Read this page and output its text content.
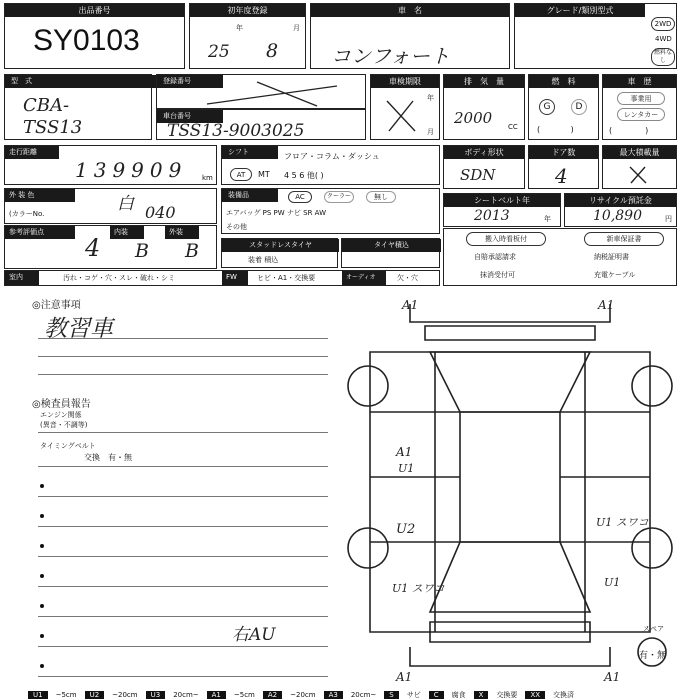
出品番号
SY0103
初年度登録
年	月
25 8
車　名
コンフォート
グレード/類別型式
2WD
4WD
燃料なし
型　式
CBA-TSS13
登録番号
車台番号
TSS13-9003025
車検期限
年
月
排　気　量
2000 CC
燃　料
G	D
(            )
車　歴
事業用
レンタカー
(             )
走行距離
139909 km
シフト	フロア・コラム・ダッシュ
AT	MT 4 5 6 他( )
ボディ形状
SDN
ドア数
4
最大積載量
外 装 色
(カラーNo.	白 040
装備品	AC	クーラー	無し
エアバッグ PS PW ナビ SR AW
その他
シートベルト年
2013	年
リサイクル預託金
10,890	円
参考評価点	内装	外装
4 B B	スタッドレスタイヤ
装着 積込
タイヤ積込
搬入時看板付	新車保証書
自賠承認請求	納税証明書
抹消受付可	充電ケーブル
室内	汚れ・コゲ・穴・スレ・破れ・シミ	FW	ヒビ・A1・交換要	オーディオ	欠・穴
◎注意事項
教習車
◎検査員報告
エンジン関係
(異音・不調等)
タイミングベルト
交換　有・無
右AU
A1	A1
A1
U1
U2	U1 スワコ
U1
U1 スワコ
A1	A1
スペア
有・無
U1 ~5cm U2 ~20cm U3 20cm~ A1 ~5cm A2 ~20cm A3 20cm~ S サビ C 腐食 X 交換要 XX 交換済
